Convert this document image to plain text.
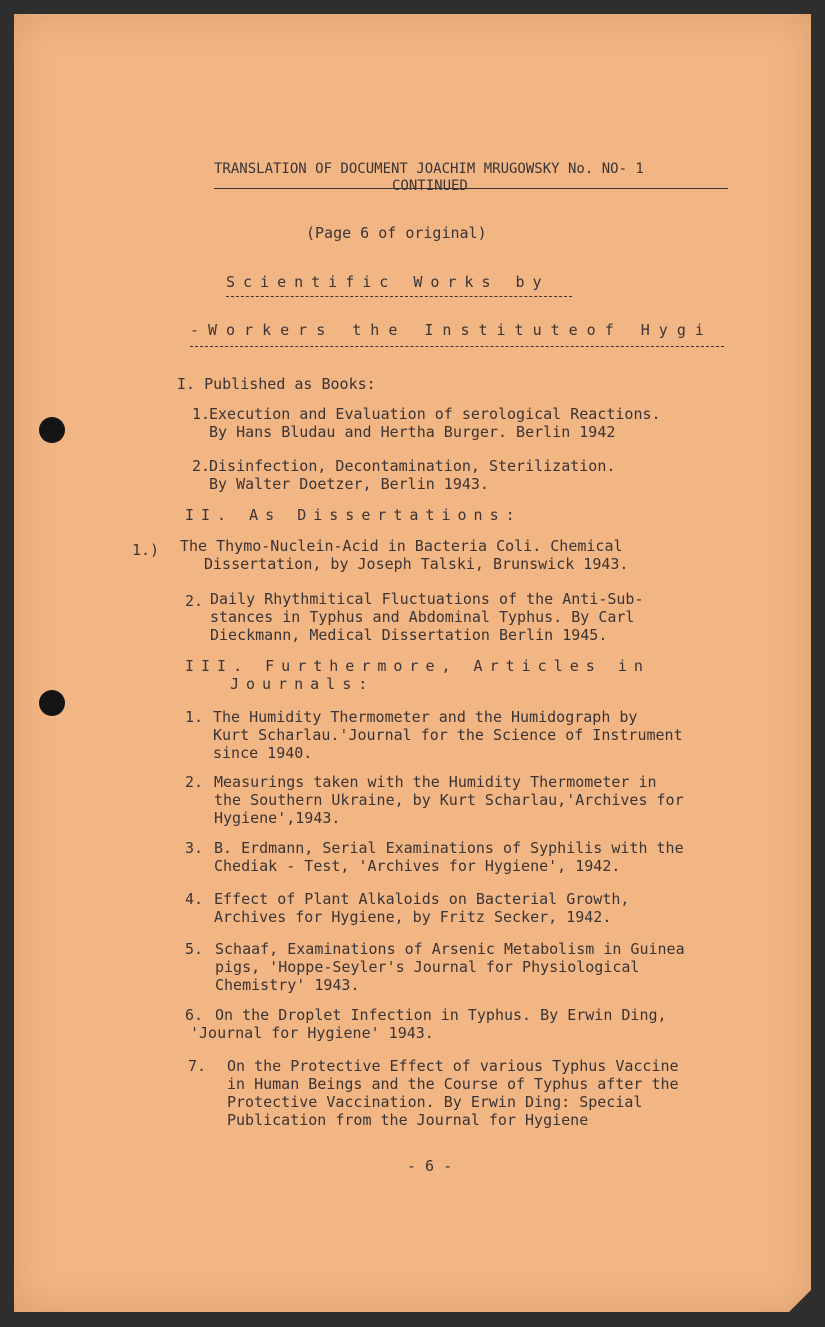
TRANSLATION OF DOCUMENT JOACHIM MRUGOWSKY No. NO- 1
CONTINUED
(Page 6 of original)
Scientific Works by
-Workers the Instituteof Hygi
I. Published as Books:
1.
Execution and Evaluation of serological Reactions.
By Hans Bludau and Hertha Burger. Berlin 1942
2.
Disinfection, Decontamination, Sterilization.
By Walter Doetzer, Berlin 1943.
II. As Dissertations:
1.) The Thymo-Nuclein-Acid in Bacteria Coli. Chemical
Dissertation, by Joseph Talski, Brunswick 1943.
2. Daily Rhythmitical Fluctuations of the Anti-Sub-
stances in Typhus and Abdominal Typhus. By Carl
Dieckmann, Medical Dissertation Berlin 1945.
III. Furthermore, Articles in
Journals:
1. The Humidity Thermometer and the Humidograph by
Kurt Scharlau.'Journal for the Science of Instrument
since 1940.
2. Measurings taken with the Humidity Thermometer in
the Southern Ukraine, by Kurt Scharlau,'Archives for
Hygiene',1943.
3. B. Erdmann, Serial Examinations of Syphilis with the
Chediak - Test, 'Archives for Hygiene', 1942.
4. Effect of Plant Alkaloids on Bacterial Growth,
Archives for Hygiene, by Fritz Secker, 1942.
5. Schaaf, Examinations of Arsenic Metabolism in Guinea
pigs, 'Hoppe-Seyler's Journal for Physiological
Chemistry' 1943.
6. On the Droplet Infection in Typhus. By Erwin Ding,
'Journal for Hygiene' 1943.
7. On the Protective Effect of various Typhus Vaccine
in Human Beings and the Course of Typhus after the
Protective Vaccination. By Erwin Ding: Special
Publication from the Journal for Hygiene
- 6 -
